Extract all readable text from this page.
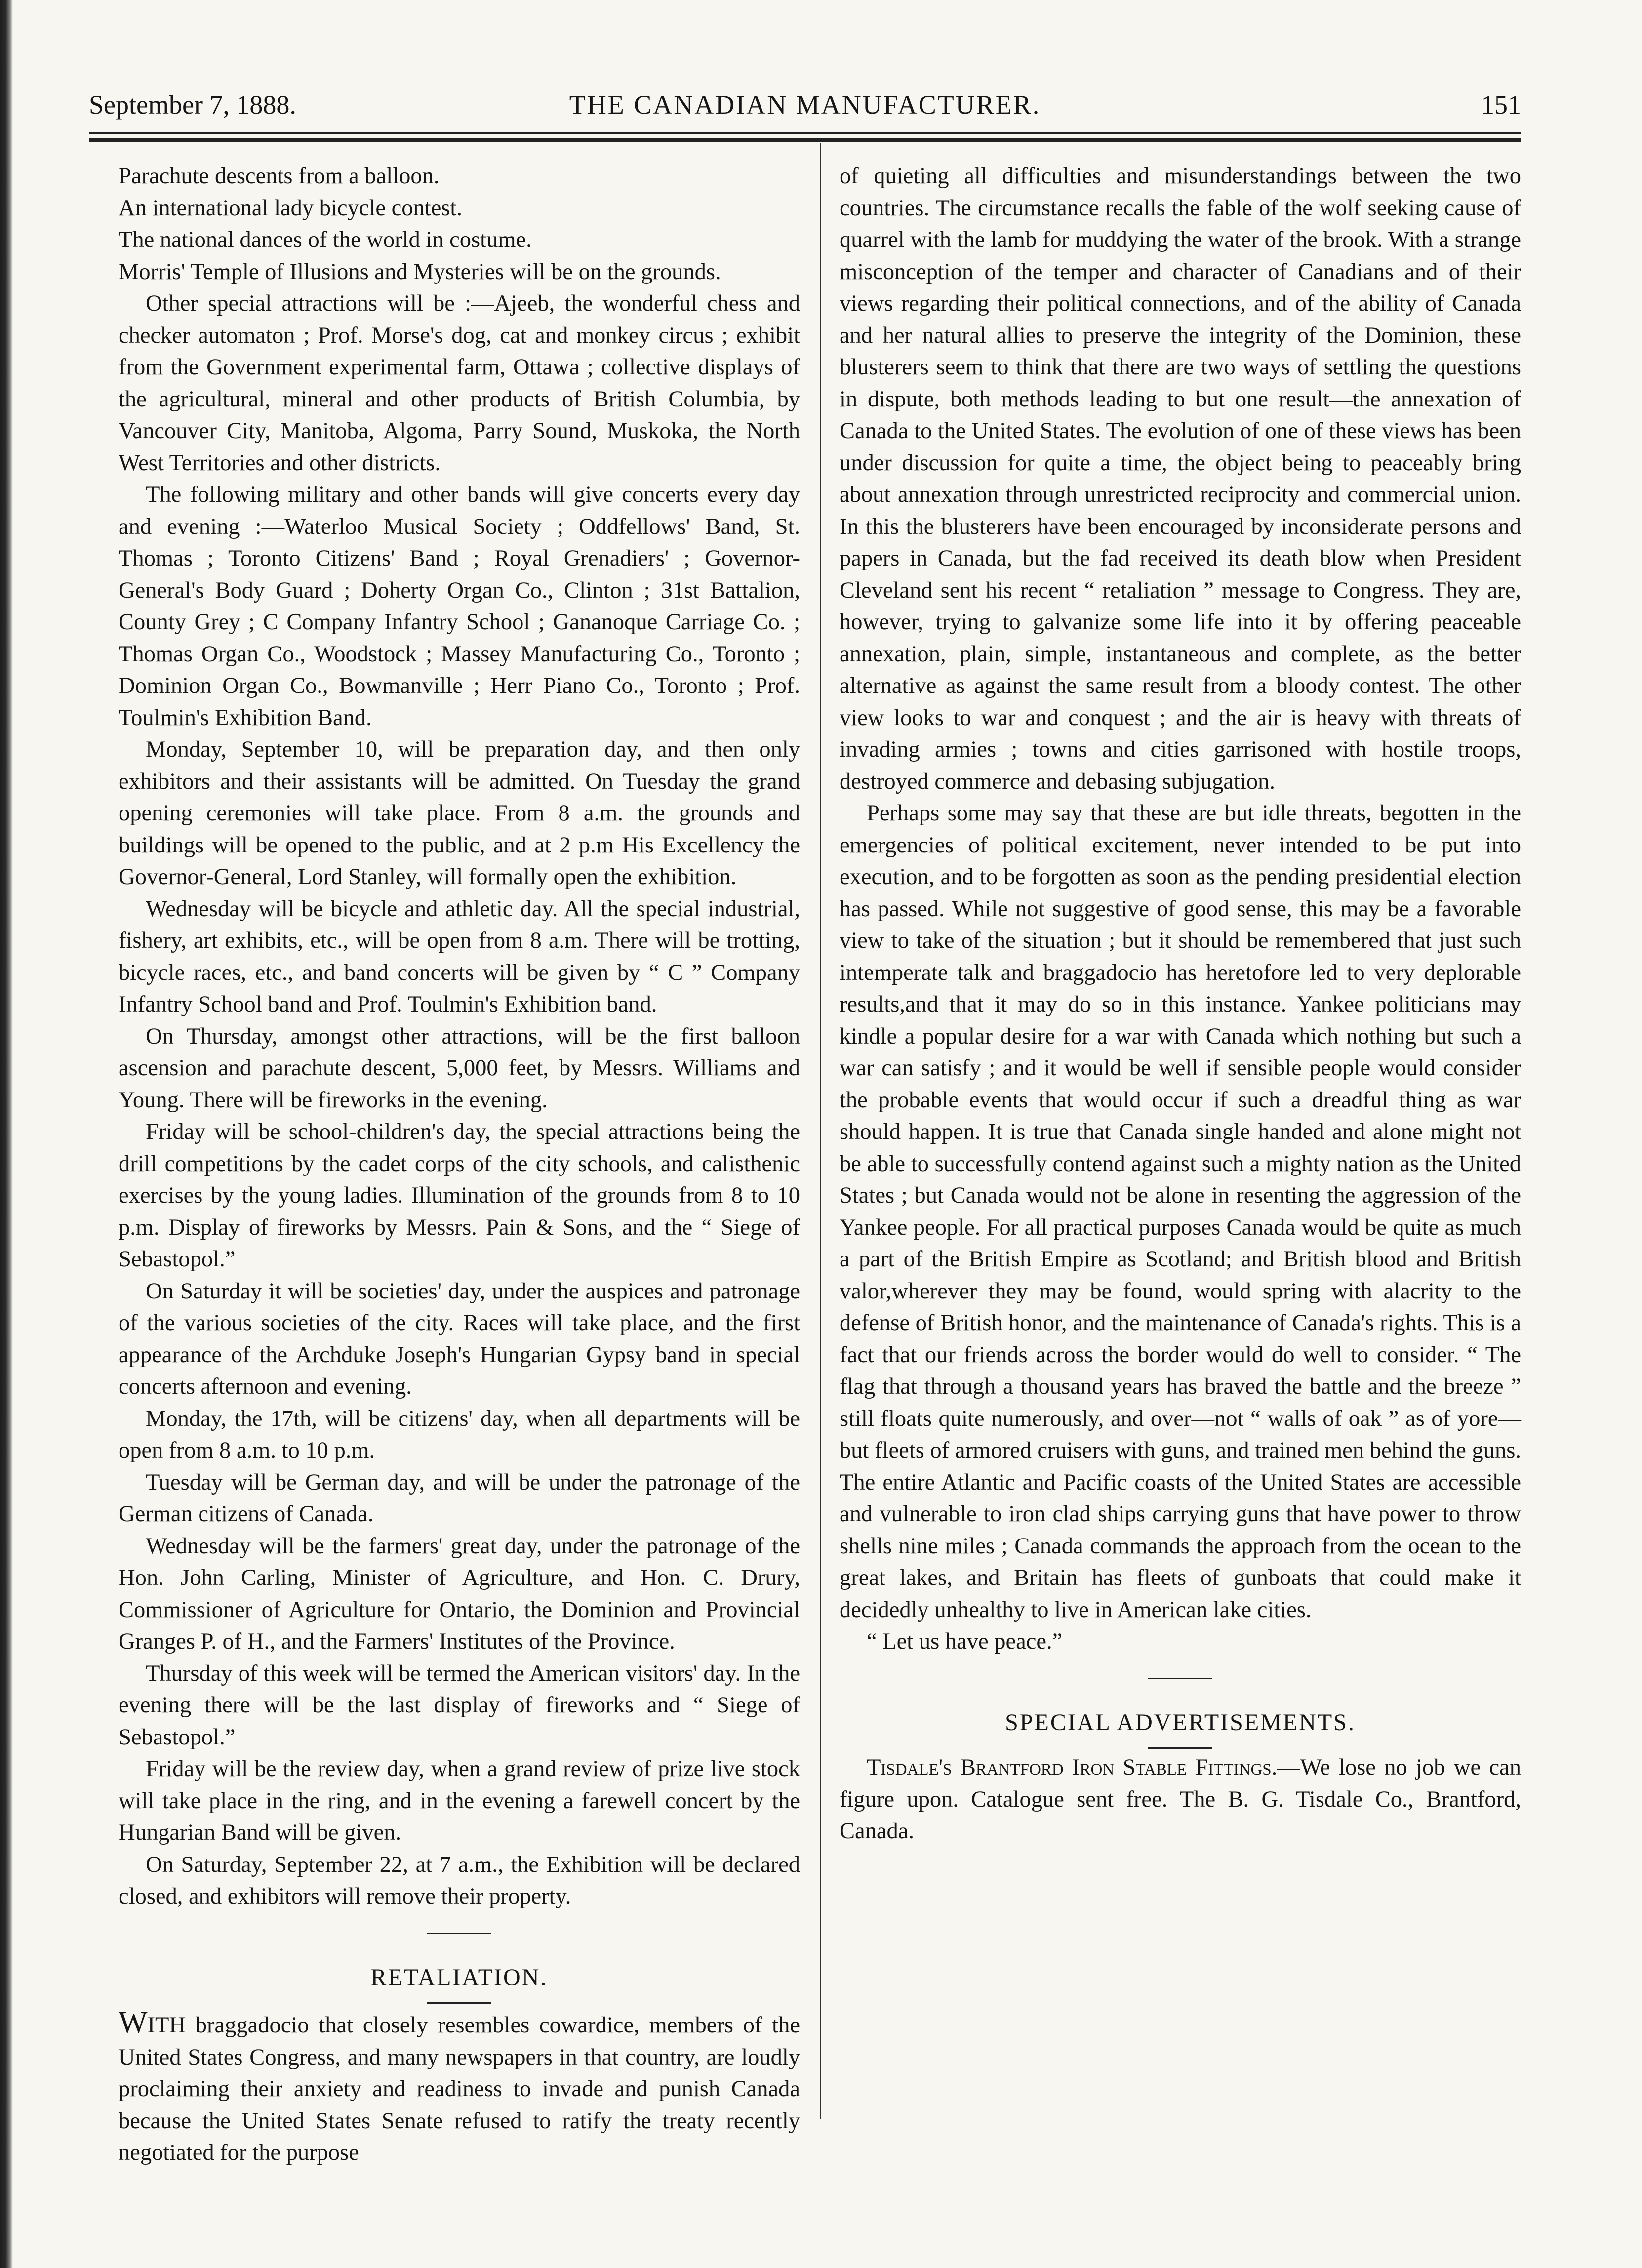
September 7, 1888.	THE CANADIAN MANUFACTURER.	151

Parachute descents from a balloon.

An international lady bicycle contest.

The national dances of the world in costume.

Morris' Temple of Illusions and Mysteries will be on the grounds.

Other special attractions will be :—Ajeeb, the wonderful chess and checker automaton ; Prof. Morse's dog, cat and monkey circus ; exhibit from the Government experimental farm, Ottawa ; collective displays of the agricultural, mineral and other products of British Columbia, by Vancouver City, Manitoba, Algoma, Parry Sound, Muskoka, the North West Territories and other districts.

The following military and other bands will give concerts every day and evening :—Waterloo Musical Society ; Oddfellows' Band, St. Thomas ; Toronto Citizens' Band ; Royal Grenadiers' ; Governor-General's Body Guard ; Doherty Organ Co., Clinton ; 31st Battalion, County Grey ; C Company Infantry School ; Gananoque Carriage Co. ; Thomas Organ Co., Woodstock ; Massey Manufacturing Co., Toronto ; Dominion Organ Co., Bowmanville ; Herr Piano Co., Toronto ; Prof. Toulmin's Exhibition Band.

Monday, September 10, will be preparation day, and then only exhibitors and their assistants will be admitted. On Tuesday the grand opening ceremonies will take place. From 8 a.m. the grounds and buildings will be opened to the public, and at 2 p.m His Excellency the Governor-General, Lord Stanley, will formally open the exhibition.

Wednesday will be bicycle and athletic day. All the special industrial, fishery, art exhibits, etc., will be open from 8 a.m. There will be trotting, bicycle races, etc., and band concerts will be given by “ C ” Company Infantry School band and Prof. Toulmin's Exhibition band.

On Thursday, amongst other attractions, will be the first balloon ascension and parachute descent, 5,000 feet, by Messrs. Williams and Young. There will be fireworks in the evening.

Friday will be school-children's day, the special attractions being the drill competitions by the cadet corps of the city schools, and calisthenic exercises by the young ladies. Illumination of the grounds from 8 to 10 p.m. Display of fireworks by Messrs. Pain & Sons, and the “ Siege of Sebastopol.”

On Saturday it will be societies' day, under the auspices and patronage of the various societies of the city. Races will take place, and the first appearance of the Archduke Joseph's Hungarian Gypsy band in special concerts afternoon and evening.

Monday, the 17th, will be citizens' day, when all departments will be open from 8 a.m. to 10 p.m.

Tuesday will be German day, and will be under the patronage of the German citizens of Canada.

Wednesday will be the farmers' great day, under the patronage of the Hon. John Carling, Minister of Agriculture, and Hon. C. Drury, Commissioner of Agriculture for Ontario, the Dominion and Provincial Granges P. of H., and the Farmers' Institutes of the Province.

Thursday of this week will be termed the American visitors' day. In the evening there will be the last display of fireworks and “ Siege of Sebastopol.”

Friday will be the review day, when a grand review of prize live stock will take place in the ring, and in the evening a farewell concert by the Hungarian Band will be given.

On Saturday, September 22, at 7 a.m., the Exhibition will be declared closed, and exhibitors will remove their property.

RETALIATION.

WITH braggadocio that closely resembles cowardice, members of the United States Congress, and many newspapers in that country, are loudly proclaiming their anxiety and readiness to invade and punish Canada because the United States Senate refused to ratify the treaty recently negotiated for the purpose

of quieting all difficulties and misunderstandings between the two countries. The circumstance recalls the fable of the wolf seeking cause of quarrel with the lamb for muddying the water of the brook. With a strange misconception of the temper and character of Canadians and of their views regarding their political connections, and of the ability of Canada and her natural allies to preserve the integrity of the Dominion, these blusterers seem to think that there are two ways of settling the questions in dispute, both methods leading to but one result—the annexation of Canada to the United States. The evolution of one of these views has been under discussion for quite a time, the object being to peaceably bring about annexation through unrestricted reciprocity and commercial union. In this the blusterers have been encouraged by inconsiderate persons and papers in Canada, but the fad received its death blow when President Cleveland sent his recent “ retaliation ” message to Congress. They are, however, trying to galvanize some life into it by offering peaceable annexation, plain, simple, instantaneous and complete, as the better alternative as against the same result from a bloody contest. The other view looks to war and conquest ; and the air is heavy with threats of invading armies ; towns and cities garrisoned with hostile troops, destroyed commerce and debasing subjugation.

Perhaps some may say that these are but idle threats, begotten in the emergencies of political excitement, never intended to be put into execution, and to be forgotten as soon as the pending presidential election has passed. While not suggestive of good sense, this may be a favorable view to take of the situation ; but it should be remembered that just such intemperate talk and braggadocio has heretofore led to very deplorable results,and that it may do so in this instance. Yankee politicians may kindle a popular desire for a war with Canada which nothing but such a war can satisfy ; and it would be well if sensible people would consider the probable events that would occur if such a dreadful thing as war should happen. It is true that Canada single handed and alone might not be able to successfully contend against such a mighty nation as the United States ; but Canada would not be alone in resenting the aggression of the Yankee people. For all practical purposes Canada would be quite as much a part of the British Empire as Scotland; and British blood and British valor,wherever they may be found, would spring with alacrity to the defense of British honor, and the maintenance of Canada's rights. This is a fact that our friends across the border would do well to consider. “ The flag that through a thousand years has braved the battle and the breeze ” still floats quite numerously, and over—not “ walls of oak ” as of yore—but fleets of armored cruisers with guns, and trained men behind the guns. The entire Atlantic and Pacific coasts of the United States are accessible and vulnerable to iron clad ships carrying guns that have power to throw shells nine miles ; Canada commands the approach from the ocean to the great lakes, and Britain has fleets of gunboats that could make it decidedly unhealthy to live in American lake cities.

“ Let us have peace.”

SPECIAL ADVERTISEMENTS.

Tisdale's Brantford Iron Stable Fittings.—We lose no job we can figure upon. Catalogue sent free. The B. G. Tisdale Co., Brantford, Canada.
